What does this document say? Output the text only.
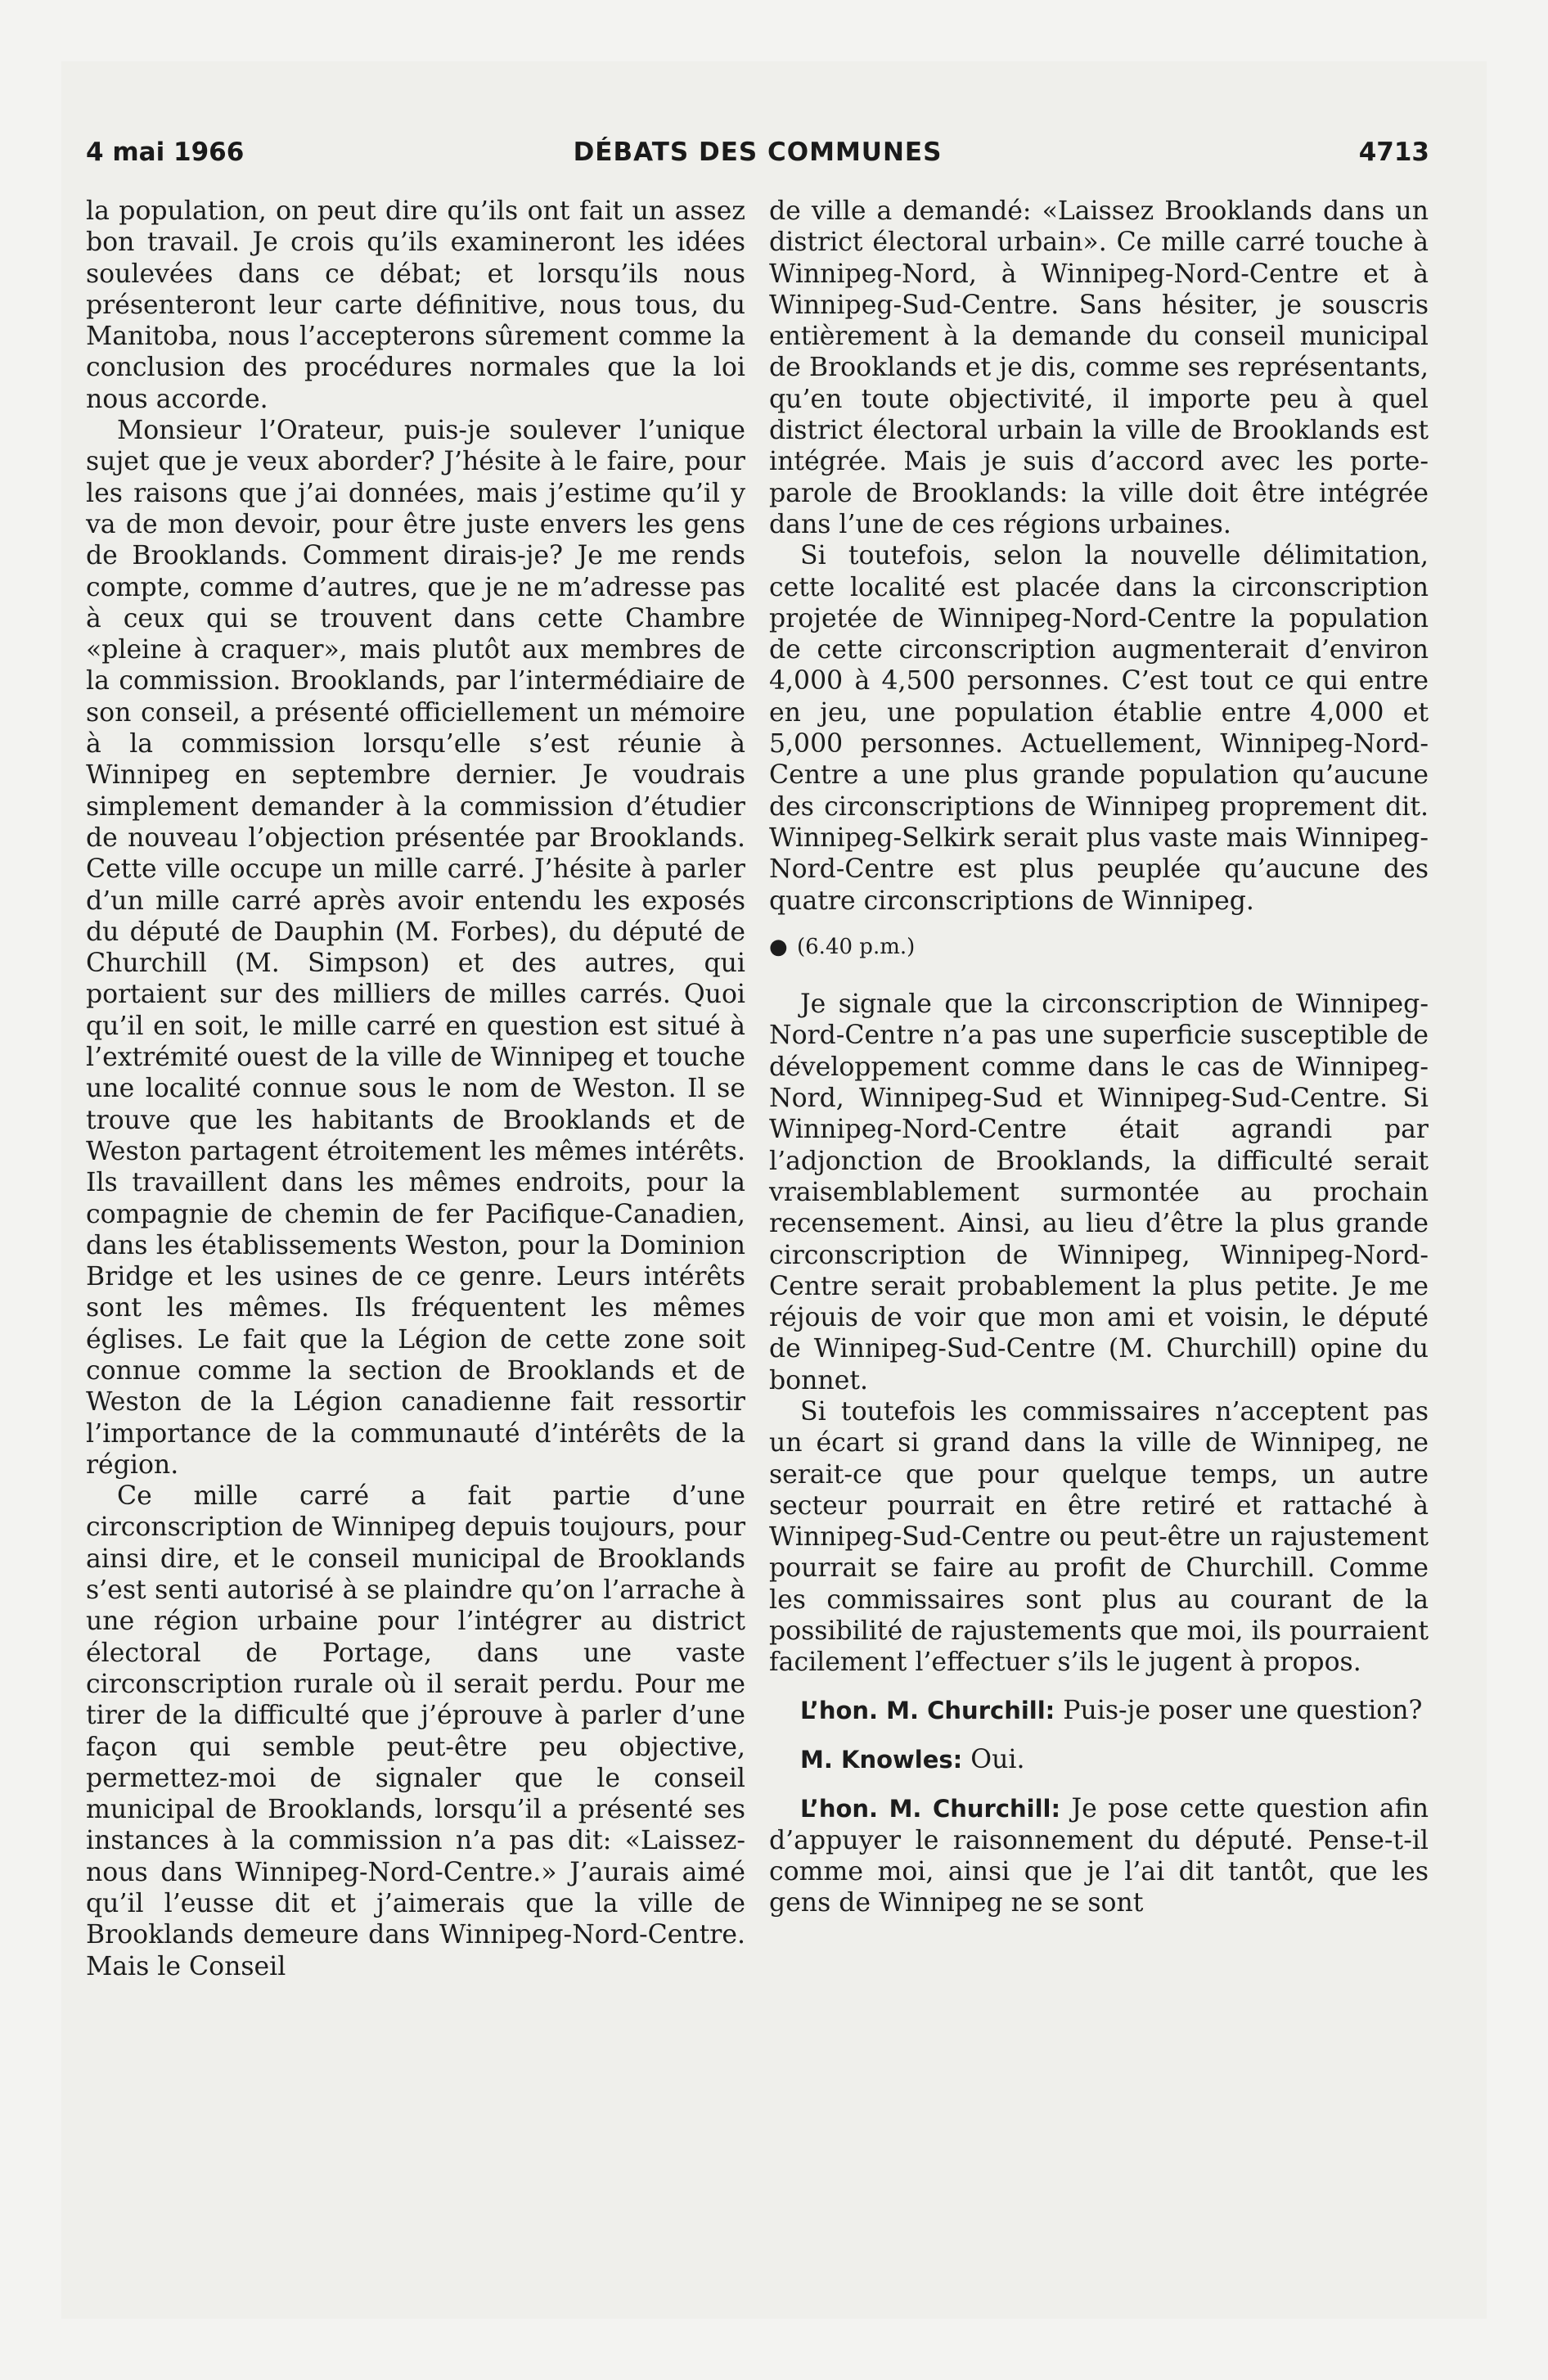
4 mai 1966	DÉBATS DES COMMUNES	4713

la population, on peut dire qu’ils ont fait un assez bon travail. Je crois qu’ils examineront les idées soulevées dans ce débat; et lorsqu’ils nous présenteront leur carte définitive, nous tous, du Manitoba, nous l’accepterons sûrement comme la conclusion des procédures normales que la loi nous accorde.

Monsieur l’Orateur, puis-je soulever l’unique sujet que je veux aborder? J’hésite à le faire, pour les raisons que j’ai données, mais j’estime qu’il y va de mon devoir, pour être juste envers les gens de Brooklands. Comment dirais-je? Je me rends compte, comme d’autres, que je ne m’adresse pas à ceux qui se trouvent dans cette Chambre «pleine à craquer», mais plutôt aux membres de la commission. Brooklands, par l’intermédiaire de son conseil, a présenté officiellement un mémoire à la commission lorsqu’elle s’est réunie à Winnipeg en septembre dernier. Je voudrais simplement demander à la commission d’étudier de nouveau l’objection présentée par Brooklands. Cette ville occupe un mille carré. J’hésite à parler d’un mille carré après avoir entendu les exposés du député de Dauphin (M. Forbes), du député de Churchill (M. Simpson) et des autres, qui portaient sur des milliers de milles carrés. Quoi qu’il en soit, le mille carré en question est situé à l’extrémité ouest de la ville de Winnipeg et touche une localité connue sous le nom de Weston. Il se trouve que les habitants de Brooklands et de Weston partagent étroitement les mêmes intérêts. Ils travaillent dans les mêmes endroits, pour la compagnie de chemin de fer Pacifique-Canadien, dans les établissements Weston, pour la Dominion Bridge et les usines de ce genre. Leurs intérêts sont les mêmes. Ils fréquentent les mêmes églises. Le fait que la Légion de cette zone soit connue comme la section de Brooklands et de Weston de la Légion canadienne fait ressortir l’importance de la communauté d’intérêts de la région.

Ce mille carré a fait partie d’une circonscription de Winnipeg depuis toujours, pour ainsi dire, et le conseil municipal de Brooklands s’est senti autorisé à se plaindre qu’on l’arrache à une région urbaine pour l’intégrer au district électoral de Portage, dans une vaste circonscription rurale où il serait perdu. Pour me tirer de la difficulté que j’éprouve à parler d’une façon qui semble peut-être peu objective, permettez-moi de signaler que le conseil municipal de Brooklands, lorsqu’il a présenté ses instances à la commission n’a pas dit: «Laissez-nous dans Winnipeg-Nord-Centre.» J’aurais aimé qu’il l’eusse dit et j’aimerais que la ville de Brooklands demeure dans Winnipeg-Nord-Centre. Mais le Conseil

de ville a demandé: «Laissez Brooklands dans un district électoral urbain». Ce mille carré touche à Winnipeg-Nord, à Winnipeg-Nord-Centre et à Winnipeg-Sud-Centre. Sans hésiter, je souscris entièrement à la demande du conseil municipal de Brooklands et je dis, comme ses représentants, qu’en toute objectivité, il importe peu à quel district électoral urbain la ville de Brooklands est intégrée. Mais je suis d’accord avec les porte-parole de Brooklands: la ville doit être intégrée dans l’une de ces régions urbaines.

Si toutefois, selon la nouvelle délimitation, cette localité est placée dans la circonscription projetée de Winnipeg-Nord-Centre la population de cette circonscription augmenterait d’environ 4,000 à 4,500 personnes. C’est tout ce qui entre en jeu, une population établie entre 4,000 et 5,000 personnes. Actuellement, Winnipeg-Nord-Centre a une plus grande population qu’aucune des circonscriptions de Winnipeg proprement dit. Winnipeg-Selkirk serait plus vaste mais Winnipeg-Nord-Centre est plus peuplée qu’aucune des quatre circonscriptions de Winnipeg.

● (6.40 p.m.)

Je signale que la circonscription de Winnipeg-Nord-Centre n’a pas une superficie susceptible de développement comme dans le cas de Winnipeg-Nord, Winnipeg-Sud et Winnipeg-Sud-Centre. Si Winnipeg-Nord-Centre était agrandi par l’adjonction de Brooklands, la difficulté serait vraisemblablement surmontée au prochain recensement. Ainsi, au lieu d’être la plus grande circonscription de Winnipeg, Winnipeg-Nord-Centre serait probablement la plus petite. Je me réjouis de voir que mon ami et voisin, le député de Winnipeg-Sud-Centre (M. Churchill) opine du bonnet.

Si toutefois les commissaires n’acceptent pas un écart si grand dans la ville de Winnipeg, ne serait-ce que pour quelque temps, un autre secteur pourrait en être retiré et rattaché à Winnipeg-Sud-Centre ou peut-être un rajustement pourrait se faire au profit de Churchill. Comme les commissaires sont plus au courant de la possibilité de rajustements que moi, ils pourraient facilement l’effectuer s’ils le jugent à propos.

L’hon. M. Churchill: Puis-je poser une question?

M. Knowles: Oui.

L’hon. M. Churchill: Je pose cette question afin d’appuyer le raisonnement du député. Pense-t-il comme moi, ainsi que je l’ai dit tantôt, que les gens de Winnipeg ne se sont
